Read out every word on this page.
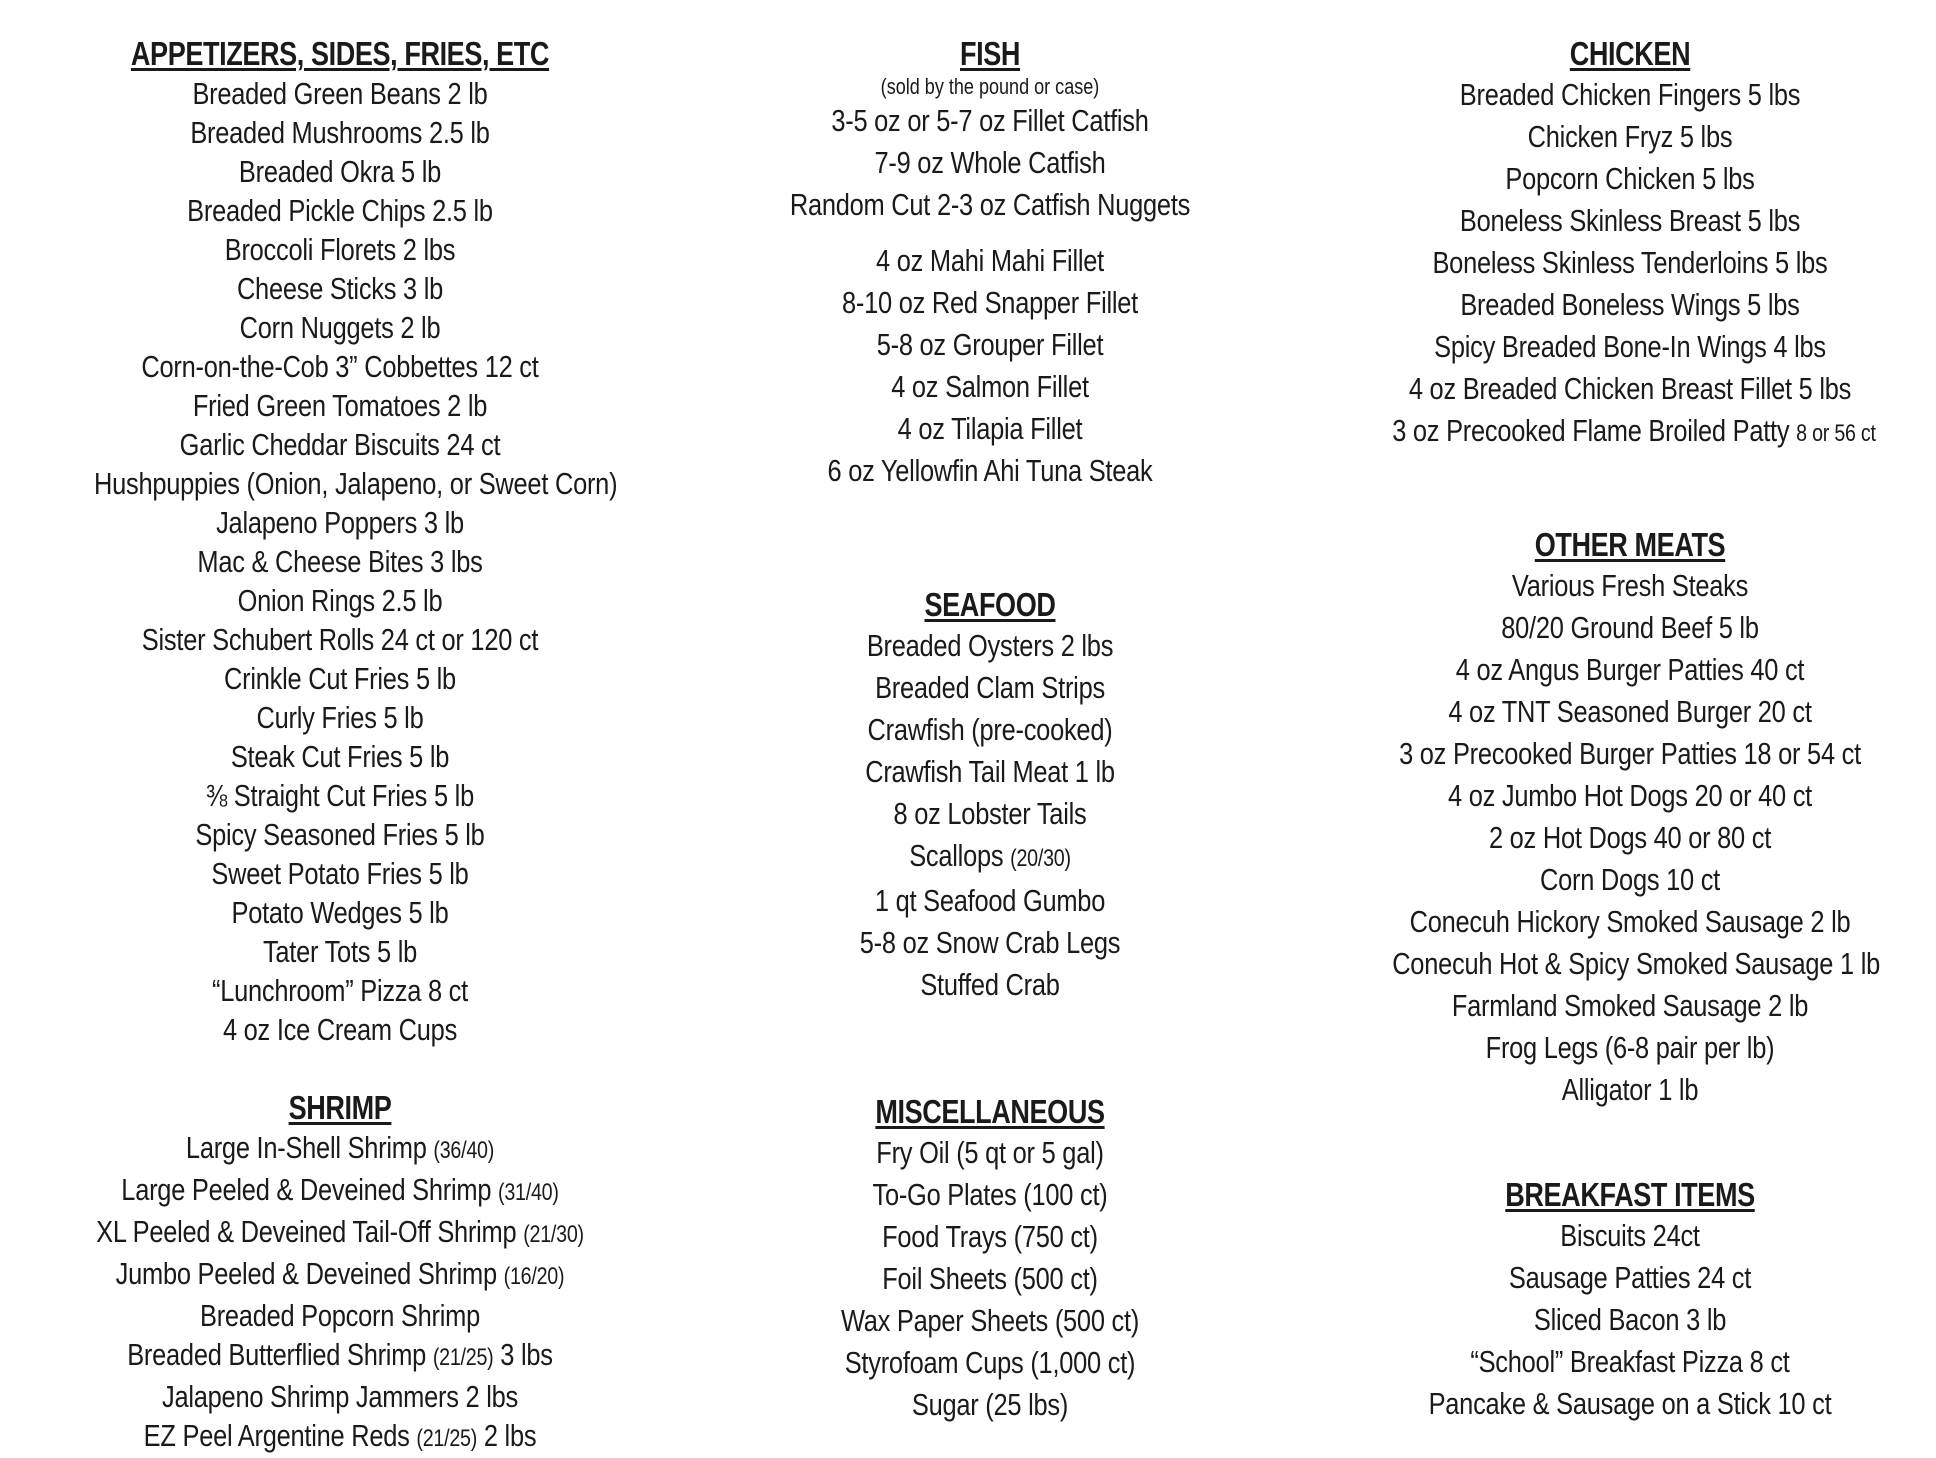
APPETIZERS, SIDES, FRIES, ETC
Breaded Green Beans 2 lb
Breaded Mushrooms 2.5 lb
Breaded Okra 5 lb
Breaded Pickle Chips 2.5 lb
Broccoli Florets 2 lbs
Cheese Sticks 3 lb
Corn Nuggets 2 lb
Corn-on-the-Cob 3” Cobbettes 12 ct
Fried Green Tomatoes 2 lb
Garlic Cheddar Biscuits 24 ct
Hushpuppies (Onion, Jalapeno, or Sweet Corn)
Jalapeno Poppers 3 lb
Mac & Cheese Bites 3 lbs
Onion Rings 2.5 lb
Sister Schubert Rolls 24 ct or 120 ct
Crinkle Cut Fries 5 lb
Curly Fries 5 lb
Steak Cut Fries 5 lb
⅜ Straight Cut Fries 5 lb
Spicy Seasoned Fries 5 lb
Sweet Potato Fries 5 lb
Potato Wedges 5 lb
Tater Tots 5 lb
“Lunchroom” Pizza 8 ct
4 oz Ice Cream Cups
SHRIMP
Large In-Shell Shrimp (36/40)
Large Peeled & Deveined Shrimp (31/40)
XL Peeled & Deveined Tail-Off Shrimp (21/30)
Jumbo Peeled & Deveined Shrimp (16/20)
Breaded Popcorn Shrimp
Breaded Butterflied Shrimp (21/25) 3 lbs
Jalapeno Shrimp Jammers 2 lbs
EZ Peel Argentine Reds (21/25) 2 lbs
FISH
(sold by the pound or case)
3-5 oz or 5-7 oz Fillet Catfish
7-9 oz Whole Catfish
Random Cut 2-3 oz Catfish Nuggets
4 oz Mahi Mahi Fillet
8-10 oz Red Snapper Fillet
5-8 oz Grouper Fillet
4 oz Salmon Fillet
4 oz Tilapia Fillet
6 oz Yellowfin Ahi Tuna Steak
SEAFOOD
Breaded Oysters 2 lbs
Breaded Clam Strips
Crawfish (pre-cooked)
Crawfish Tail Meat 1 lb
8 oz Lobster Tails
Scallops (20/30)
1 qt Seafood Gumbo
5-8 oz Snow Crab Legs
Stuffed Crab
MISCELLANEOUS
Fry Oil (5 qt or 5 gal)
To-Go Plates (100 ct)
Food Trays (750 ct)
Foil Sheets (500 ct)
Wax Paper Sheets (500 ct)
Styrofoam Cups (1,000 ct)
Sugar (25 lbs)
CHICKEN
Breaded Chicken Fingers 5 lbs
Chicken Fryz 5 lbs
Popcorn Chicken 5 lbs
Boneless Skinless Breast 5 lbs
Boneless Skinless Tenderloins 5 lbs
Breaded Boneless Wings 5 lbs
Spicy Breaded Bone-In Wings 4 lbs
4 oz Breaded Chicken Breast Fillet 5 lbs
3 oz Precooked Flame Broiled Patty 8 or 56 ct
OTHER MEATS
Various Fresh Steaks
80/20 Ground Beef 5 lb
4 oz Angus Burger Patties 40 ct
4 oz TNT Seasoned Burger 20 ct
3 oz Precooked Burger Patties 18 or 54 ct
4 oz Jumbo Hot Dogs 20 or 40 ct
2 oz Hot Dogs 40 or 80 ct
Corn Dogs 10 ct
Conecuh Hickory Smoked Sausage 2 lb
Conecuh Hot & Spicy Smoked Sausage 1 lb
Farmland Smoked Sausage 2 lb
Frog Legs (6-8 pair per lb)
Alligator 1 lb
BREAKFAST ITEMS
Biscuits 24ct
Sausage Patties 24 ct
Sliced Bacon 3 lb
“School” Breakfast Pizza 8 ct
Pancake & Sausage on a Stick 10 ct
